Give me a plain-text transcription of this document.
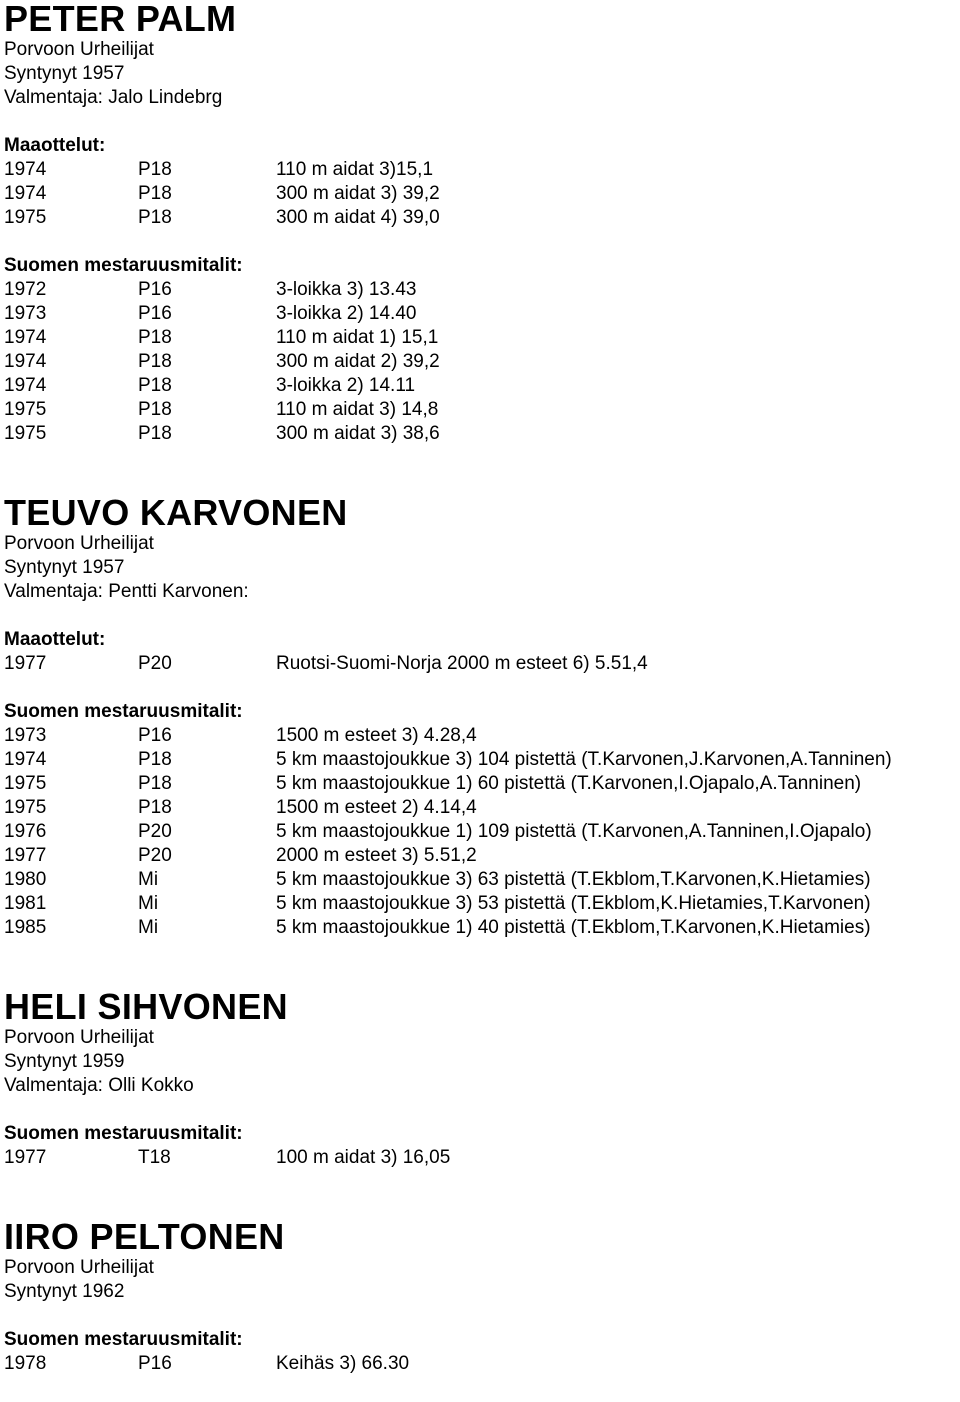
PETER PALM
Porvoon Urheilijat
Syntynyt 1957
Valmentaja: Jalo Lindebrg
Maaottelut:
1974	P18	110 m aidat 3)15,1
1974	P18	300 m aidat 3) 39,2
1975	P18	300 m aidat 4) 39,0
Suomen mestaruusmitalit:
1972	P16	3-loikka 3) 13.43
1973	P16	3-loikka 2) 14.40
1974	P18	110 m aidat 1) 15,1
1974	P18	300 m aidat 2) 39,2
1974	P18	3-loikka 2) 14.11
1975	P18	110 m aidat 3) 14,8
1975	P18	300 m aidat 3) 38,6
TEUVO KARVONEN
Porvoon Urheilijat
Syntynyt 1957
Valmentaja: Pentti Karvonen:
Maaottelut:
1977	P20	Ruotsi-Suomi-Norja 2000 m esteet 6) 5.51,4
Suomen mestaruusmitalit:
1973	P16	1500 m esteet 3) 4.28,4
1974	P18	5 km maastojoukkue 3) 104 pistettä (T.Karvonen,J.Karvonen,A.Tanninen)
1975	P18	5 km maastojoukkue 1) 60 pistettä (T.Karvonen,I.Ojapalo,A.Tanninen)
1975	P18	1500 m esteet 2) 4.14,4
1976	P20	5 km maastojoukkue 1) 109 pistettä (T.Karvonen,A.Tanninen,I.Ojapalo)
1977	P20	2000 m esteet 3) 5.51,2
1980	Mi	5 km maastojoukkue 3) 63 pistettä (T.Ekblom,T.Karvonen,K.Hietamies)
1981	Mi	5 km maastojoukkue 3) 53 pistettä (T.Ekblom,K.Hietamies,T.Karvonen)
1985	Mi	5 km maastojoukkue 1) 40 pistettä (T.Ekblom,T.Karvonen,K.Hietamies)
HELI SIHVONEN
Porvoon Urheilijat
Syntynyt 1959
Valmentaja: Olli Kokko
Suomen mestaruusmitalit:
1977	T18	100 m aidat 3) 16,05
IIRO PELTONEN
Porvoon Urheilijat
Syntynyt 1962
Suomen mestaruusmitalit:
1978	P16	Keihäs 3) 66.30
